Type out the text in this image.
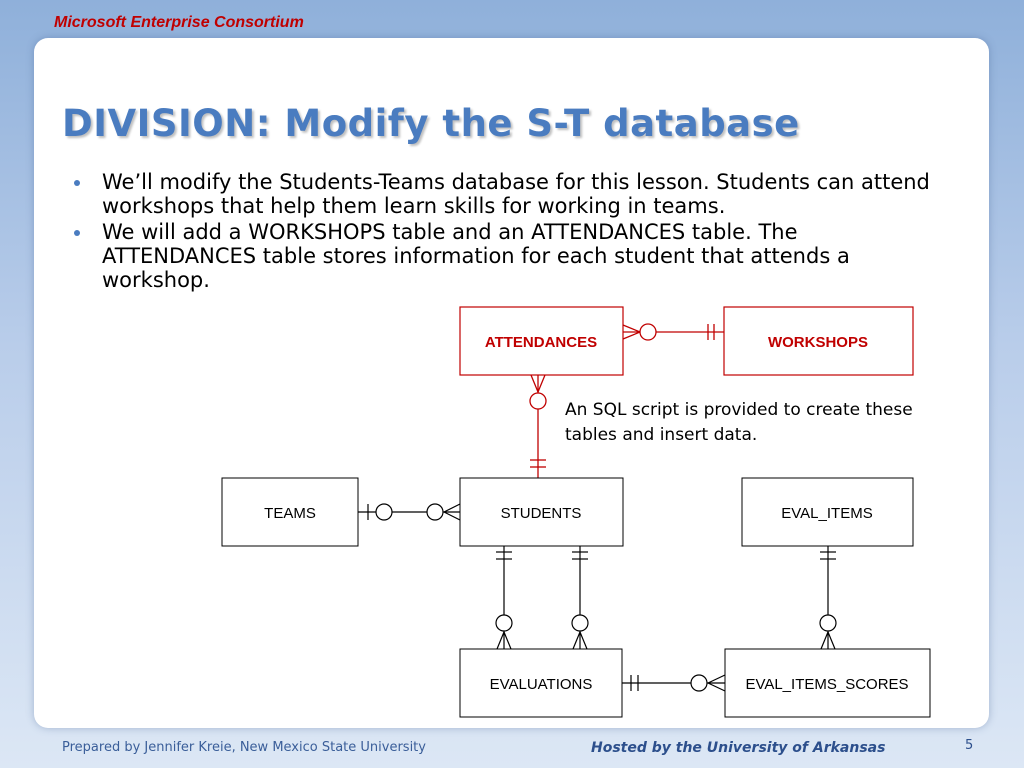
Microsoft Enterprise Consortium
DIVISION: Modify the S-T database
We’ll modify the Students-Teams database for this lesson. Students can attend workshops that help them learn skills for working in teams.
We will add a WORKSHOPS table and an ATTENDANCES table. The ATTENDANCES table stores information for each student that attends a workshop.
ATTENDANCES	WORKSHOPS
TEAMS	STUDENTS	EVAL_ITEMS
EVALUATIONS	EVAL_ITEMS_SCORES
An SQL script is provided to create these tables and insert data.
Prepared by Jennifer Kreie, New Mexico State University	Hosted by the University of Arkansas	5
